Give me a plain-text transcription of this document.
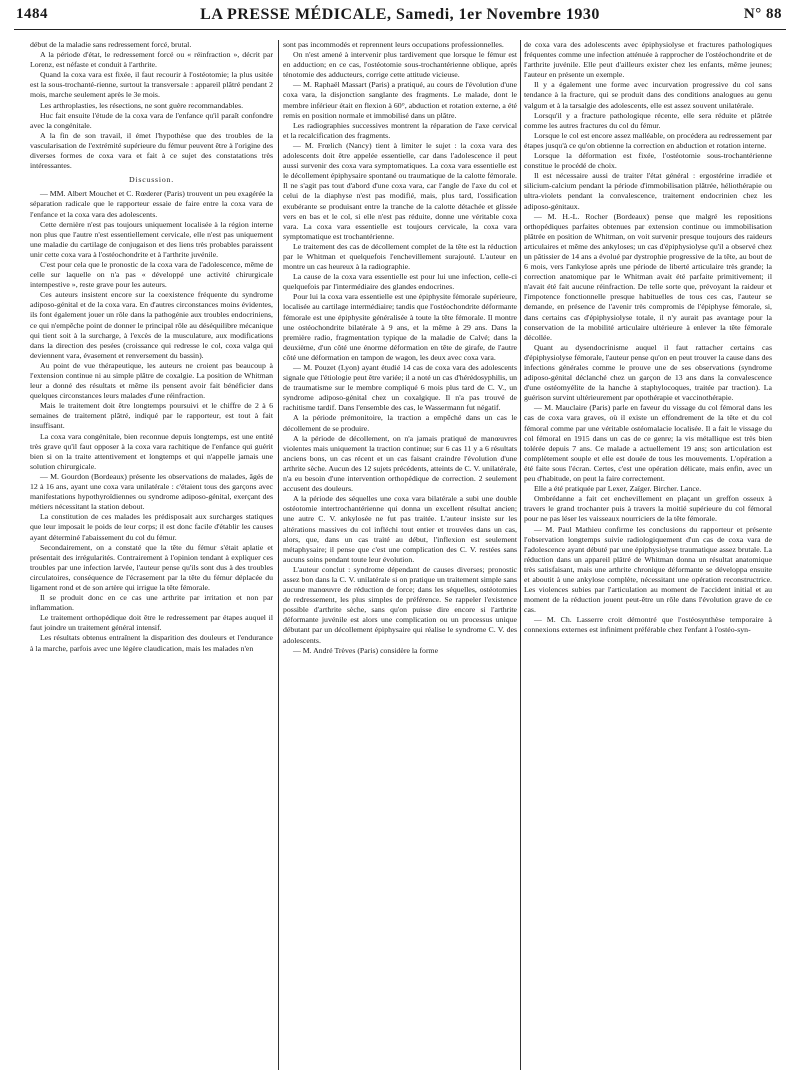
1484	LA PRESSE MÉDICALE, Samedi, 1er Novembre 1930	N° 88

début de la maladie sans redressement forcé, brutal.

A la période d'état, le redressement forcé ou « réinfraction », décrit par Lorenz, est néfaste et conduit à l'arthrite.

Quand la coxa vara est fixée, il faut recourir à l'ostéotomie; la plus usitée est la sous-trochanté-rienne, surtout la transversale : appareil plâtré pendant 2 mois, marche seulement après le 3e mois.

Les arthroplasties, les résections, ne sont guère recommandables.

Huc fait ensuite l'étude de la coxa vara de l'enfance qu'il paraît confondre avec la congénitale.

A la fin de son travail, il émet l'hypothèse que des troubles de la vascularisation de l'extrémité supérieure du fémur peuvent être à l'origine des diverses formes de coxa vara et fait à ce sujet des constatations très intéressantes.

Discussion.

— MM. Albert Mouchet et C. Rœderer (Paris) trouvent un peu exagérée la séparation radicale que le rapporteur essaie de faire entre la coxa vara de l'enfance et la coxa vara des adolescents.

Cette dernière n'est pas toujours uniquement localisée à la région interne non plus que l'autre n'est essentiellement cervicale, elle n'est pas uniquement une maladie du cartilage de conjugaison et des liens très probables paraissent unir cette coxa vara à l'ostéochondrite et à l'arthrite juvénile.

C'est pour cela que le pronostic de la coxa vara de l'adolescence, même de celle sur laquelle on n'a pas « développé une activité chirurgicale intempestive », reste grave pour les auteurs.

Ces auteurs insistent encore sur la coexistence fréquente du syndrome adiposo-génital et de la coxa vara. En d'autres circonstances moins évidentes, ils font également jouer un rôle dans la pathogénie aux troubles endocriniens, ce qui n'empêche point de donner le principal rôle au déséquilibre mécanique qui tient soit à la surcharge, à l'excès de la musculature, aux modifications dans la direction des pesées (croissance qui redresse le col, coxa valga qui deviennent vara, évasement et renversement du bassin).

Au point de vue thérapeutique, les auteurs ne croient pas beaucoup à l'extension continue ni au simple plâtre de coxalgie. La position de Whitman leur a donné des résultats et même ils pensent avoir fait bénéficier dans quelques circonstances leurs malades d'une réinfraction.

Mais le traitement doit être longtemps poursuivi et le chiffre de 2 à 6 semaines de traitement plâtré, indiqué par le rapporteur, est tout à fait insuffisant.

La coxa vara congénitale, bien reconnue depuis longtemps, est une entité très grave qu'il faut opposer à la coxa vara rachitique de l'enfance qui guérit bien si on la traite attentivement et longtemps et qui n'appelle jamais une solution chirurgicale.

— M. Gourdon (Bordeaux) présente les observations de malades, âgés de 12 à 16 ans, ayant une coxa vara unilatérale : c'étaient tous des garçons avec manifestations hypothyroïdiennes ou syndrome adiposo-génital, exerçant des métiers nécessitant la station debout.

La constitution de ces malades les prédisposait aux surcharges statiques que leur imposait le poids de leur corps; il est donc facile d'établir les causes ayant déterminé l'abaissement du col du fémur.

Secondairement, on a constaté que la tête du fémur s'était aplatie et présentait des irrégularités. Contrairement à l'opinion tendant à expliquer ces troubles par une infection larvée, l'auteur pense qu'ils sont dus à des troubles circulatoires, conséquence de l'écrasement par la tête du fémur déplacée du ligament rond et de son artère qui irrigue la tête fémorale.

Il se produit donc en ce cas une arthrite par irritation et non par inflammation.

Le traitement orthopédique doit être le redressement par étapes auquel il faut joindre un traitement général intensif.

Les résultats obtenus entraînent la disparition des douleurs et l'endurance à la marche, parfois avec une légère claudication, mais les malades n'en

sont pas incommodés et reprennent leurs occupations professionnelles.

On n'est amené à intervenir plus tardivement que lorsque le fémur est en adduction; en ce cas, l'ostéotomie sous-trochantérienne oblique, après ténotomie des adducteurs, corrige cette attitude vicieuse.

— M. Raphaël Massart (Paris) a pratiqué, au cours de l'évolution d'une coxa vara, la disjonction sanglante des fragments. Le malade, dont le membre inférieur était en flexion à 60°, abduction et rotation externe, a été remis en position normale et immobilisé dans un plâtre.

Les radiographies successives montrent la réparation de l'axe cervical et la recalcification des fragments.

— M. Frœlich (Nancy) tient à limiter le sujet : la coxa vara des adolescents doit être appelée essentielle, car dans l'adolescence il peut aussi survenir des coxa vara symptomatiques. La coxa vara essentielle est le décollement épiphysaire spontané ou traumatique de la calotte fémorale. Il ne s'agit pas tout d'abord d'une coxa vara, car l'angle de l'axe du col et celui de la diaphyse n'est pas modifié, mais, plus tard, l'ossification exubérante se produisant entre la tranche de la calotte détachée et glissée vers en bas et le col, si elle n'est pas réduite, donne une véritable coxa vara. La coxa vara essentielle est toujours cervicale, la coxa vara symptomatique est trochantérienne.

Le traitement des cas de décollement complet de la tête est la réduction par le Whitman et quelquefois l'enchevillement surajouté. L'auteur en montre un cas heureux à la radiographie.

La cause de la coxa vara essentielle est pour lui une infection, celle-ci quelquefois par l'intermédiaire des glandes endocrines.

Pour lui la coxa vara essentielle est une épiphysite fémorale supérieure, localisée au cartilage intermédiaire; tandis que l'ostéochondrite déformante fémorale est une épiphysite généralisée à toute la tête fémorale. Il montre une ostéochondrite bilatérale à 9 ans, et la même à 29 ans. Dans la première radio, fragmentation typique de la maladie de Calvé; dans la deuxième, d'un côté une énorme déformation en tête de girafe, de l'autre côté une déformation en tampon de wagon, les deux avec coxa vara.

— M. Pouzet (Lyon) ayant étudié 14 cas de coxa vara des adolescents signale que l'étiologie peut être variée; il a noté un cas d'hérédosyphilis, un de traumatisme sur le membre compliqué 6 mois plus tard de C. V., un syndrome adiposo-génital chez un coxalgique. Il n'a pas trouvé de rachitisme tardif. Dans l'ensemble des cas, le Wassermann fut négatif.

A la période prémonitoire, la traction a empêché dans un cas le décollement de se produire.

A la période de décollement, on n'a jamais pratiqué de manœuvres violentes mais uniquement la traction continue; sur 6 cas 11 y a 6 résultats anciens bons, un cas récent et un cas faisant craindre l'évolution d'une arthrite sèche. Aucun des 12 sujets précédents, atteints de C. V. unilatérale, n'a eu besoin d'une intervention orthopédique de correction. 2 seulement accusent des douleurs.

A la période des séquelles une coxa vara bilatérale a subi une double ostéotomie intertrochantérienne qui donna un excellent résultat ancien; une autre C. V. ankylosée ne fut pas traitée. L'auteur insiste sur les altérations massives du col infléchi tout entier et trouvées dans un cas, alors, que, dans un cas traité au début, l'inflexion est seulement métaphysaire; il pense que c'est une complication des C. V. restées sans aucuns soins pendant toute leur évolution.

L'auteur conclut : syndrome dépendant de causes diverses; pronostic assez bon dans la C. V. unilatérale si on pratique un traitement simple sans aucune manœuvre de réduction de force; dans les séquelles, ostéotomies de redressement, les plus simples de préférence. Se rappeler l'existence possible d'arthrite sèche, sans qu'on puisse dire encore si l'arthrite déformante juvénile est alors une complication ou un processus unique débutant par un décollement épiphysaire qui réalise le syndrome C. V. des adolescents.

— M. André Trèves (Paris) considère la forme

de coxa vara des adolescents avec épiphysiolyse et fractures pathologiques fréquentes comme une infection atténuée à rapprocher de l'ostéochondrite et de l'arthrite juvénile. Elle peut d'ailleurs exister chez les enfants, même jeunes; l'auteur en présente un exemple.

Il y a également une forme avec incurvation progressive du col sans tendance à la fracture, qui se produit dans des conditions analogues au genu valgum et à la tarsalgie des adolescents, elle est assez souvent unilatérale.

Lorsqu'il y a fracture pathologique récente, elle sera réduite et plâtrée comme les autres fractures du col du fémur.

Lorsque le col est encore assez malléable, on procédera au redressement par étapes jusqu'à ce qu'on obtienne la correction en abduction et rotation interne.

Lorsque la déformation est fixée, l'ostéotomie sous-trochantérienne constitue le procédé de choix.

Il est nécessaire aussi de traiter l'état général : ergostérine irradiée et silicium-calcium pendant la période d'immobilisation plâtrée, héliothérapie ou ultra-violets pendant la convalescence, traitement endocrinien chez les adiposo-génitaux.

— M. H.-L. Rocher (Bordeaux) pense que malgré les repositions orthopédiques parfaites obtenues par extension continue ou immobilisation plâtrée en position de Whitman, on voit survenir presque toujours des raideurs articulaires et même des ankyloses; un cas d'épiphysiolyse qu'il a observé chez un pâtissier de 14 ans a évolué par dystrophie progressive de la tête, au bout de 6 mois, vers l'ankylose après une période de liberté articulaire très grande; la correction anatomique par le Whitman avait été parfaite primitivement; il n'avait été fait aucune réinfraction. De telle sorte que, prévoyant la raideur et l'impotence fonctionnelle presque habituelles de tous ces cas, l'auteur se demande, en présence de l'avenir très compromis de l'épiphyse fémorale, si, dans certains cas d'épiphysiolyse totale, il n'y aurait pas avantage pour la conservation de la mobilité articulaire ultérieure à enlever la tête fémorale décollée.

Quant au dysendocrinisme auquel il faut rattacher certains cas d'épiphysiolyse fémorale, l'auteur pense qu'on en peut trouver la cause dans des infections générales comme le prouve une de ses observations (syndrome adiposo-génital déclanché chez un garçon de 13 ans dans la convalescence d'une ostéomyélite de la hanche à staphylocoques, traitée par traction). La guérison survint ultérieurement par opothérapie et vaccinothérapie.

— M. Mauclaire (Paris) parle en faveur du vissage du col fémoral dans les cas de coxa vara graves, où il existe un effondrement de la tête et du col fémoral comme par une véritable ostéomalacie localisée. Il a fait le vissage du col fémoral en 1915 dans un cas de ce genre; la vis métallique est très bien tolérée depuis 7 ans. Ce malade a actuellement 19 ans; son articulation est complètement souple et elle est douée de tous les mouvements. L'opération a été faite sous l'écran. Certes, c'est une opération délicate, mais enfin, avec un peu d'habitude, on peut la faire correctement.

Elle a été pratiquée par Lexer, Zaïger. Bircher. Lance.

Ombrédanne a fait cet enchevillement en plaçant un greffon osseux à travers le grand trochanter puis à travers la moitié supérieure du col fémoral pour ne pas léser les vaisseaux nourriciers de la tête fémorale.

— M. Paul Mathieu confirme les conclusions du rapporteur et présente l'observation longtemps suivie radiologiquement d'un cas de coxa vara de l'adolescence ayant débuté par une épiphysiolyse traumatique assez brutale. La réduction dans un appareil plâtré de Whitman donna un résultat anatomique très satisfaisant, mais une arthrite chronique déformante se développa ensuite et aboutit à une ankylose complète, nécessitant une opération reconstructrice. Les violences subies par l'articulation au moment de l'accident initial et au moment de la réduction jouent peut-être un rôle dans l'évolution grave de ce cas.

— M. Ch. Lasserre croit démontré que l'ostéosynthèse temporaire à connexions externes est infiniment préférable chez l'enfant à l'ostéo-syn-
